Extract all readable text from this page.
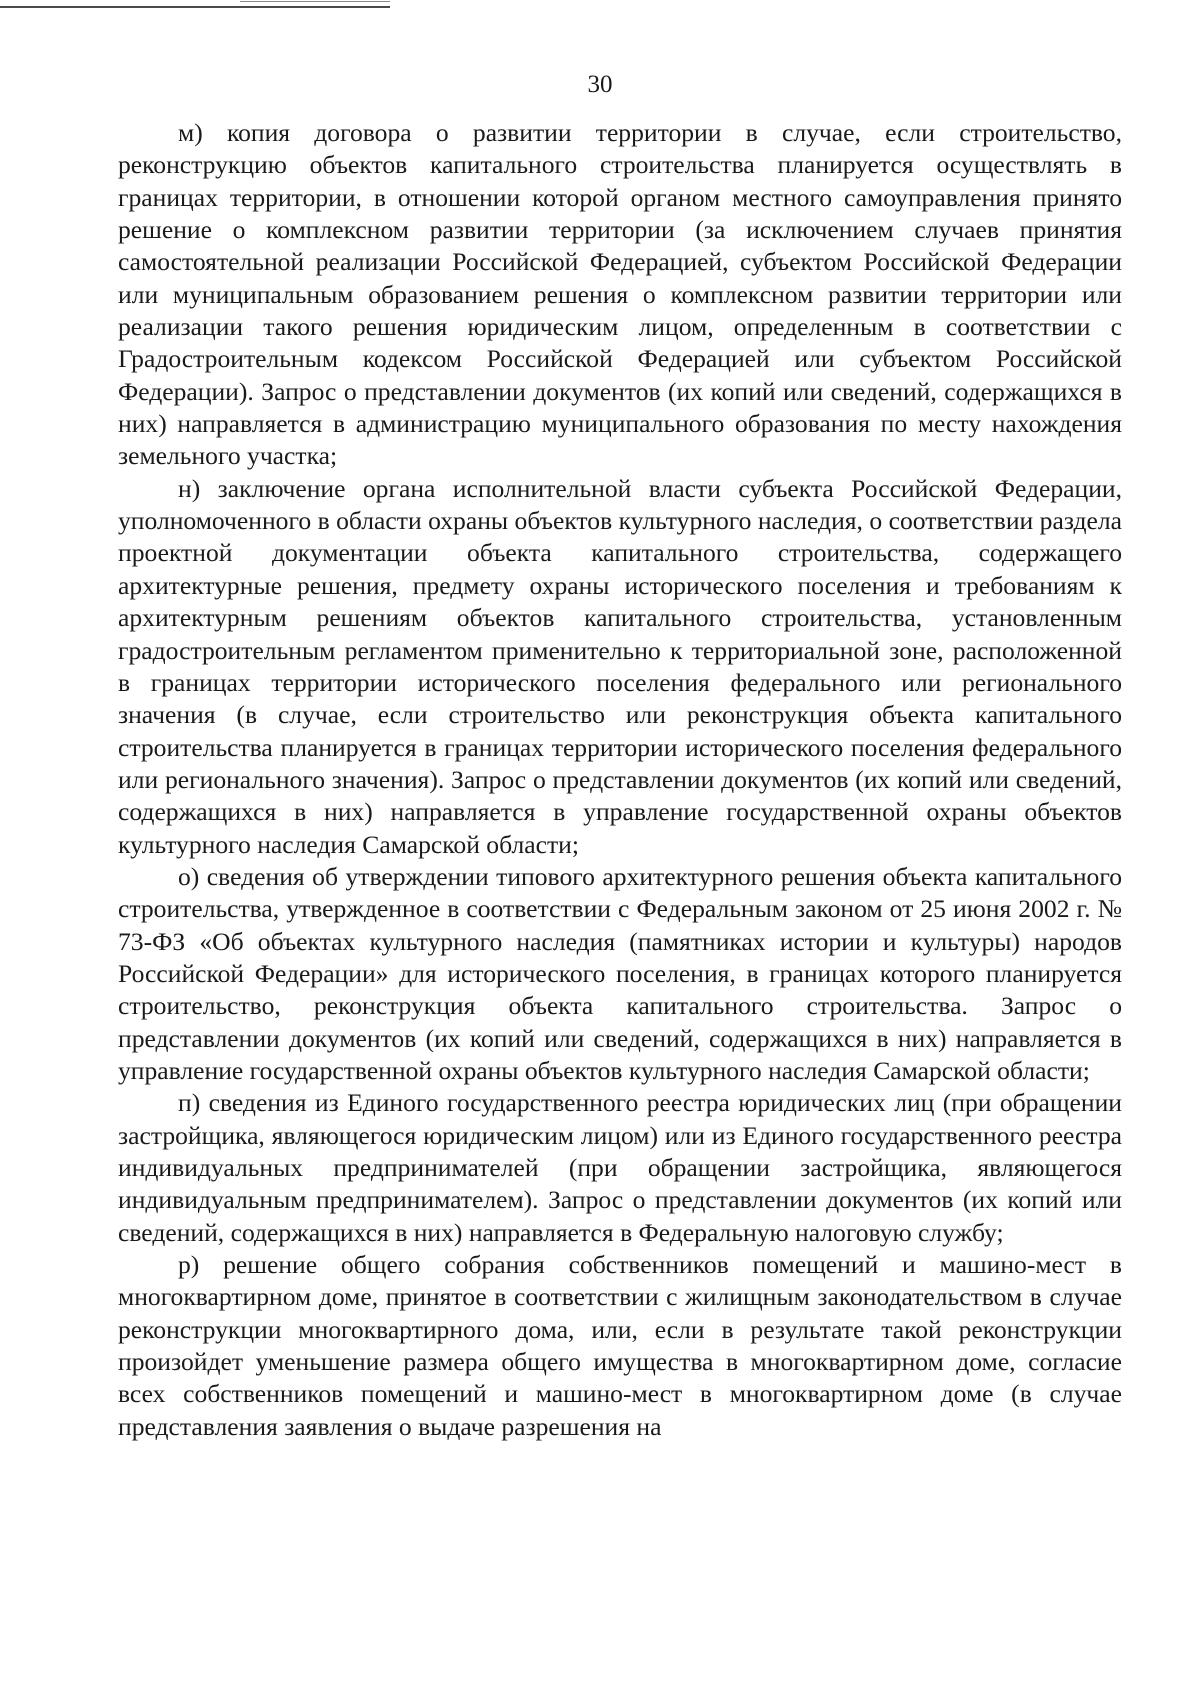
30

м) копия договора о развитии территории в случае, если строительство, реконструкцию объектов капитального строительства планируется осуществлять в границах территории, в отношении которой органом местного самоуправления принято решение о комплексном развитии территории (за исключением случаев принятия самостоятельной реализации Российской Федерацией, субъектом Российской Федерации или муниципальным образованием решения о комплексном развитии территории или реализации такого решения юридическим лицом, определенным в соответствии с Градостроительным кодексом Российской Федерацией или субъектом Российской Федерации). Запрос о представлении документов (их копий или сведений, содержащихся в них) направляется в администрацию муниципального образования по месту нахождения земельного участка;

н) заключение органа исполнительной власти субъекта Российской Федерации, уполномоченного в области охраны объектов культурного наследия, о соответствии раздела проектной документации объекта капитального строительства, содержащего архитектурные решения, предмету охраны исторического поселения и требованиям к архитектурным решениям объектов капитального строительства, установленным градостроительным регламентом применительно к территориальной зоне, расположенной в границах территории исторического поселения федерального или регионального значения (в случае, если строительство или реконструкция объекта капитального строительства планируется в границах территории исторического поселения федерального или регионального значения). Запрос о представлении документов (их копий или сведений, содержащихся в них) направляется в управление государственной охраны объектов культурного наследия Самарской области;

о) сведения об утверждении типового архитектурного решения объекта капитального строительства, утвержденное в соответствии с Федеральным законом от 25 июня 2002 г. № 73-ФЗ «Об объектах культурного наследия (памятниках истории и культуры) народов Российской Федерации» для исторического поселения, в границах которого планируется строительство, реконструкция объекта капитального строительства. Запрос о представлении документов (их копий или сведений, содержащихся в них) направляется в управление государственной охраны объектов культурного наследия Самарской области;

п) сведения из Единого государственного реестра юридических лиц (при обращении застройщика, являющегося юридическим лицом) или из Единого государственного реестра индивидуальных предпринимателей (при обращении застройщика, являющегося индивидуальным предпринимателем). Запрос о представлении документов (их копий или сведений, содержащихся в них) направляется в Федеральную налоговую службу;

р) решение общего собрания собственников помещений и машино-мест в многоквартирном доме, принятое в соответствии с жилищным законодательством в случае реконструкции многоквартирного дома, или, если в результате такой реконструкции произойдет уменьшение размера общего имущества в многоквартирном доме, согласие всех собственников помещений и машино-мест в многоквартирном доме (в случае представления заявления о выдаче разрешения на
